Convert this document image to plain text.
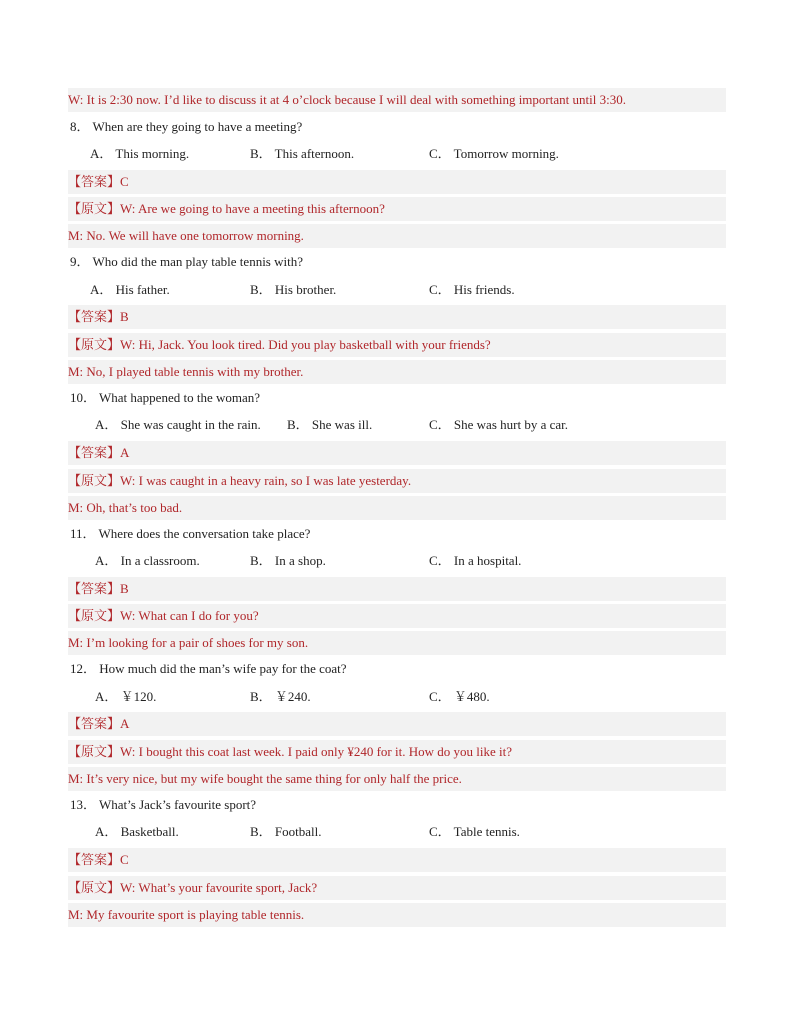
W: It is 2:30 now. I’d like to discuss it at 4 o’clock because I will deal with something important until 3:30.
8． When are they going to have a meeting?
A． This morning.	B． This afternoon.	C． Tomorrow morning.
【答案】C
【原文】W: Are we going to have a meeting this afternoon?
M: No. We will have one tomorrow morning.
9． Who did the man play table tennis with?
A． His father.	B． His brother.	C． His friends.
【答案】B
【原文】W: Hi, Jack. You look tired. Did you play basketball with your friends?
M: No, I played table tennis with my brother.
10． What happened to the woman?
A． She was caught in the rain. B． She was ill.	C． She was hurt by a car.
【答案】A
【原文】W: I was caught in a heavy rain, so I was late yesterday.
M: Oh, that’s too bad.
11． Where does the conversation take place?
A． In a classroom.	B． In a shop.	C． In a hospital.
【答案】B
【原文】W: What can I do for you?
M: I’m looking for a pair of shoes for my son.
12． How much did the man’s wife pay for the coat?
A． ￥120.	B． ￥240.	C． ￥480.
【答案】A
【原文】W: I bought this coat last week. I paid only ¥240 for it. How do you like it?
M: It’s very nice, but my wife bought the same thing for only half the price.
13． What’s Jack’s favourite sport?
A． Basketball.	B． Football.	C． Table tennis.
【答案】C
【原文】W: What’s your favourite sport, Jack?
M: My favourite sport is playing table tennis.
